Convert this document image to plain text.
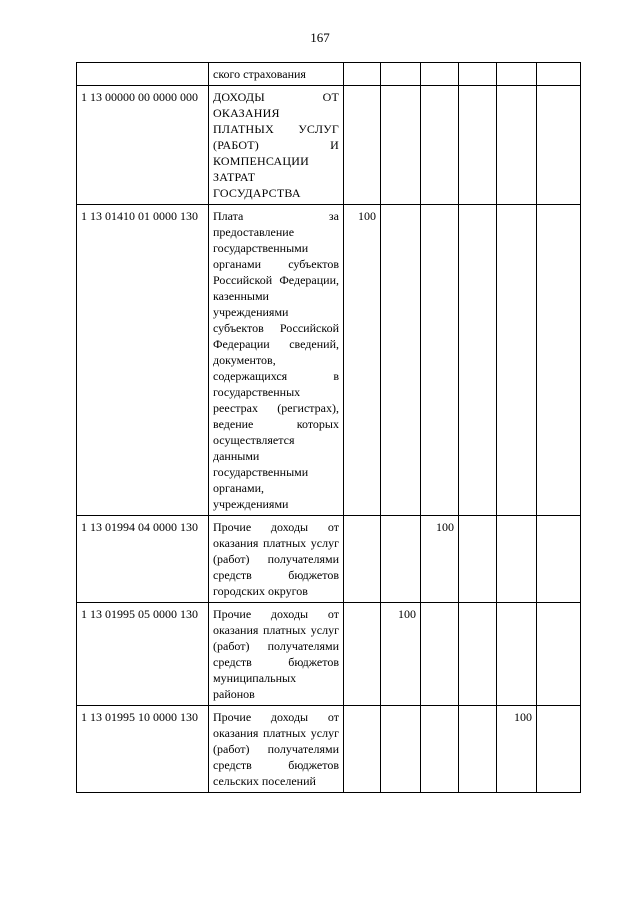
167

	ского страхования						

1 13 00000 00 0000 000	ДОХОДЫ ОТ ОКАЗАНИЯ ПЛАТНЫХ УСЛУГ (РАБОТ) И КОМПЕНСАЦИИ ЗАТРАТ ГОСУДАРСТВА						

1 13 01410 01 0000 130	Плата за предоставление государственными органами субъектов Российской Федерации, казенными учреждениями субъектов Российской Федерации сведений, документов, содержащихся в государственных реестрах (регистрах), ведение которых осуществляется данными государственными органами, учреждениями	100					
1 13 01994 04 0000 130	Прочие доходы от оказания платных услуг (работ) получателями средств бюджетов городских округов			100			
1 13 01995 05 0000 130	Прочие доходы от оказания платных услуг (работ) получателями средств бюджетов муниципальных районов		100				
1 13 01995 10 0000 130	Прочие доходы от оказания платных услуг (работ) получателями средств бюджетов сельских поселений					100	
